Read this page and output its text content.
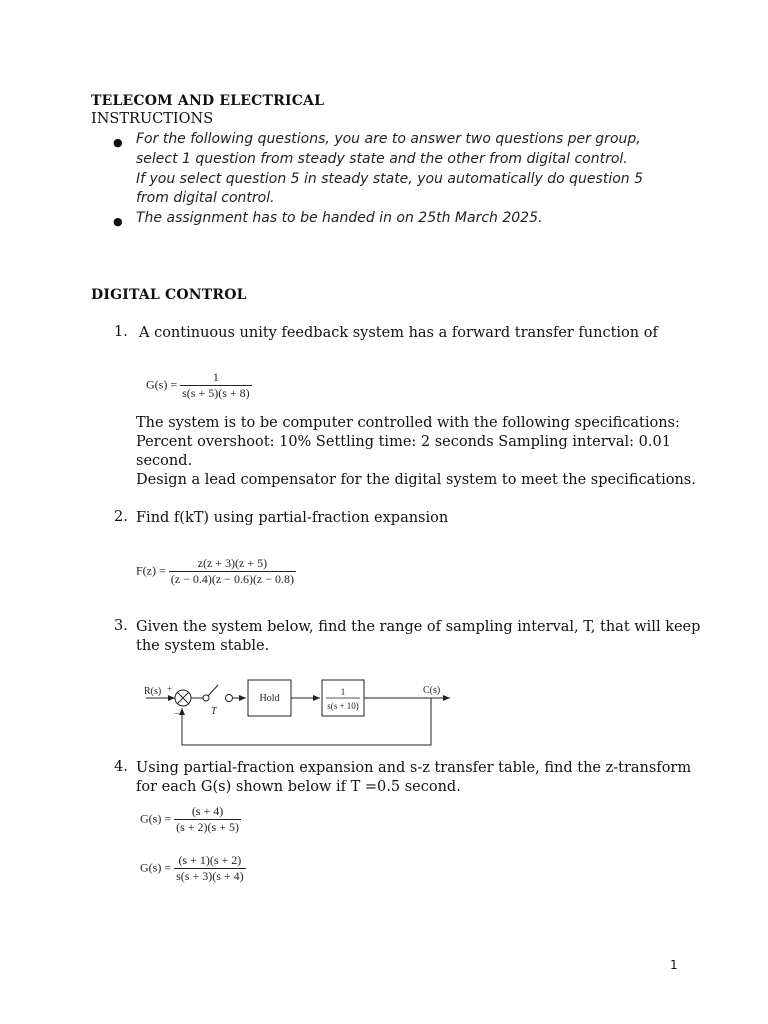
TELECOM AND ELECTRICAL
INSTRUCTIONS
● For the following questions, you are to answer two questions per group,
select 1 question from steady state and the other from digital control.
If you select question 5 in steady state, you automatically do question 5
from digital control.
● The assignment has to be handed in on 25th March 2025.
DIGITAL CONTROL
1. A continuous unity feedback system has a forward transfer function of
$G(s) = \frac{1}{s(s + 5)(s + 8)}$
The system is to be computer controlled with the following specifications:
Percent overshoot: 10% Settling time: 2 seconds Sampling interval: 0.01
second.
Design a lead compensator for the digital system to meet the specifications.
2. Find f(kT) using partial-fraction expansion
$F(z) = \frac{z(z + 3)(z + 5)}{(z - 0.4)(z - 0.6)(z - 0.8)}$
3. Given the system below, find the range of sampling interval, T, that will keep
the system stable.
R(s) +
−	T
Hold
1
s(s + 10)
C(s)
4. Using partial-fraction expansion and s-z transfer table, find the z-transform
for each G(s) shown below if T =0.5 second.
$G(s) = \frac{(s + 4)}{(s + 2)(s + 5)}$
$G(s) = \frac{(s + 1)(s + 2)}{s(s + 3)(s + 4)}$
1
